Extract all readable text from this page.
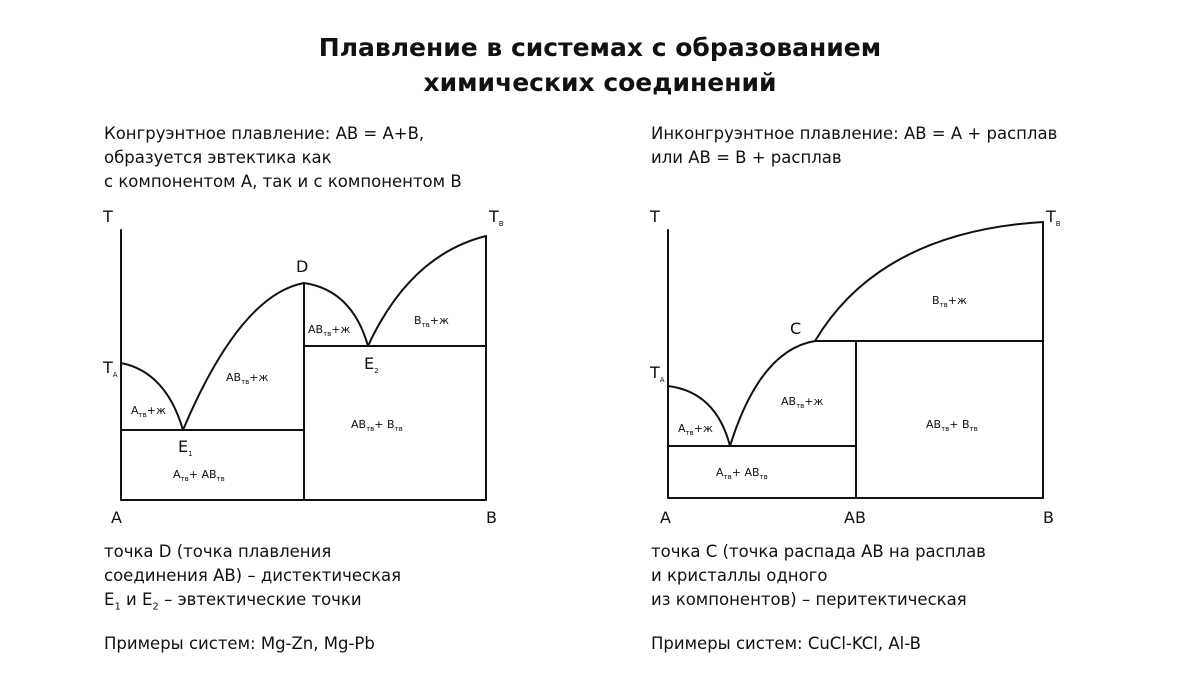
Плавление в системах с образованием
химических соединений
Конгруэнтное плавление: AB = A+B,
образуется эвтектика как
с компонентом A, так и с компонентом B
Инконгруэнтное плавление: AB = A + расплав
или AB = B + расплав
T
$T_A$
$T_B$
D
$E_1$
$E_2$
A	B
$A_{тв}+ж$
$AB_{тв}+ж$
$AB_{тв}+ж$
$B_{тв}+ж$
$A_{тв}+ AB_{тв}$
$AB_{тв}+ B_{тв}$
T
$T_A$
$T_B$
C
A	AB	B
$B_{тв}+ж$
$AB_{тв}+ж$
$A_{тв}+ж$	$AB_{тв}+ B_{тв}$
$A_{тв}+ AB_{тв}$
точка D (точка плавления
соединения AB) – дистектическая
$E_1$ и $E_2$ – эвтектические точки
точка C (точка распада AB на расплав
и кристаллы одного
из компонентов) – перитектическая
Примеры систем: Mg-Zn, Mg-Pb	Примеры систем: CuCl-KCl, Al-B
